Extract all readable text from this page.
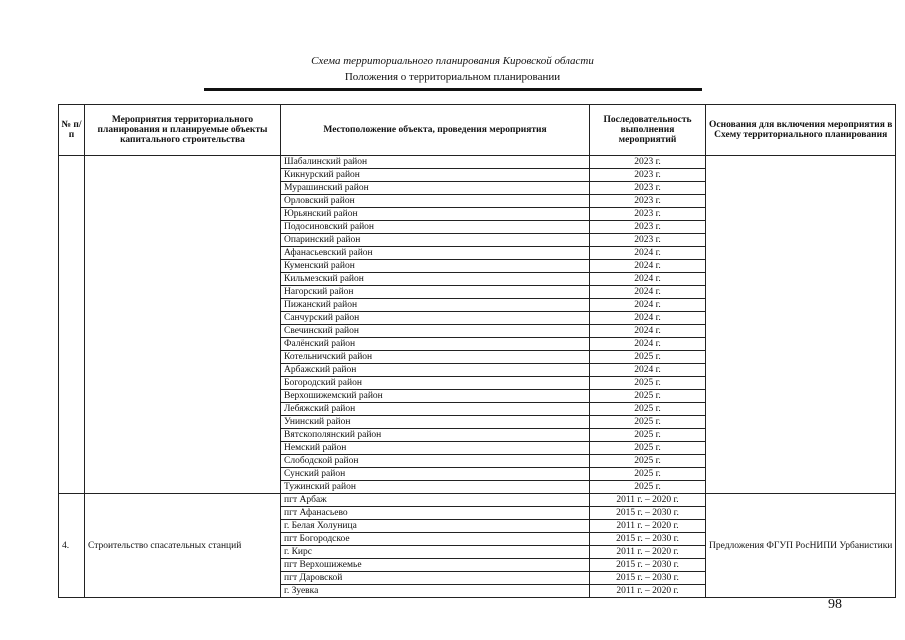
Схема территориального планирования Кировской области
Положения о территориальном планировании
№ п/п	Мероприятия территориального планирования и планируемые объекты капитального строительства	Местоположение объекта, проведения мероприятия	Последовательность выполнения мероприятий	Основания для включения мероприятия в Схему территориального планирования
		Шабалинский район	2023 г.	
		Кикнурский район	2023 г.	
		Мурашинский район	2023 г.	
		Орловский район	2023 г.	
		Юрьянский район	2023 г.	
		Подосиновский район	2023 г.	
		Опаринский район	2023 г.	
		Афанасьевский район	2024 г.	
		Куменский район	2024 г.	
		Кильмезский район	2024 г.	
		Нагорский район	2024 г.	
		Пижанский район	2024 г.	
		Санчурский район	2024 г.	
		Свечинский район	2024 г.	
		Фалёнский район	2024 г.	
		Котельничский район	2025 г.	
		Арбажский район	2024 г.	
		Богородский район	2025 г.	
		Верхошижемский район	2025 г.	
		Лебяжский район	2025 г.	
		Унинский район	2025 г.	
		Вятскополянский район	2025 г.	
		Немский район	2025 г.	
		Слободской район	2025 г.	
		Сунский район	2025 г.	
		Тужинский район	2025 г.	
4.	Строительство спасательных станций	пгт Арбаж	2011 г. – 2020 г.	Предложения ФГУП РосНИПИ Урбанистики
		пгт Афанасьево	2015 г. – 2030 г.	
		г. Белая Холуница	2011 г. – 2020 г.	
		пгт Богородское	2015 г. – 2030 г.	
		г. Кирс	2011 г. – 2020 г.	
		пгт Верхошижемье	2015 г. – 2030 г.	
		пгт Даровской	2015 г. – 2030 г.	
		г. Зуевка	2011 г. – 2020 г.	
98
